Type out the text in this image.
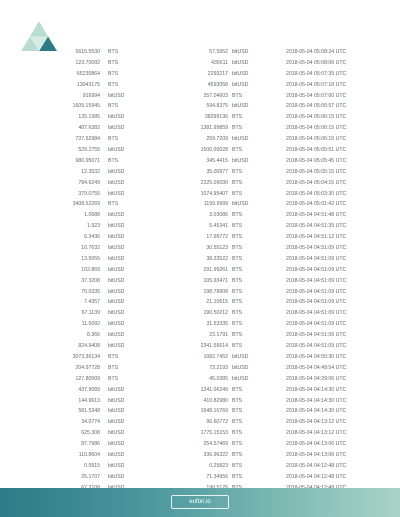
5615.5530 BTS	57.5952 bitUSD	2018-05-04 05:08:24 UTC
123.70092 BTS	435611 bitUSD	2018-05-04 05:08:06 UTC
65230864 BTS	2293217 bitUSD	2018-05-04 05:07:39 UTC
13043175 BTS	4593058 bitUSD	2018-05-04 05:07:18 UTC
916994 bitUSD	257.04603 BTS	2018-05-04 05:07:00 UTC
1609.15945 BTS	594.8375 bitUSD	2018-05-04 05:06:57 UTC
135.1385 bitUSD	38299136 BTS	2018-05-04 05:06:15 UTC
487.6382 bitUSD	1381.99859 BTS	2018-05-04 05:06:15 UTC
737.52984 BTS	259.7209 bitUSD	2018-05-04 05:06:15 UTC
529.2755 bitUSD	1500.00028 BTS	2018-05-04 05:05:51 UTC
980.95071 BTS	345.4415 bitUSD	2018-05-04 05:05:45 UTC
12.3532 bitUSD	35.00977 BTS	2018-05-04 05:05:15 UTC
784.6249 bitUSD	2225.06090 BTS	2018-05-04 05:04:15 UTC
379.0755 bitUSD	1074.95407 BTS	2018-05-04 05:03:30 UTC
3408.52269 BTS	1199.9999 bitUSD	2018-05-04 05:01:42 UTC
1.0688 bitUSD	3.03086 BTS	2018-05-04 04:51:48 UTC
1.923 bitUSD	5.45341 BTS	2018-05-04 04:51:39 UTC
6.3436 bitUSD	17.99772 BTS	2018-05-04 04:51:12 UTC
10.7632 bitUSD	30.55123 BTS	2018-05-04 04:51:09 UTC
13.5055 bitUSD	38.33522 BTS	2018-05-04 04:51:09 UTC
102.869 bitUSD	291.99261 BTS	2018-05-04 04:51:09 UTC
37.3208 bitUSD	105.93471 BTS	2018-05-04 04:51:09 UTC
70.0335 bitUSD	198.78908 BTS	2018-05-04 04:51:09 UTC
7.4357 bitUSD	21.10615 BTS	2018-05-04 04:51:09 UTC
67.1139 bitUSD	190.50212 BTS	2018-05-04 04:51:09 UTC
11.5092 bitUSD	31.53335 BTS	2018-05-04 04:51:09 UTC
8.366 bitUSD	23.1791 BTS	2018-05-04 04:51:09 UTC
824.9408 bitUSD	2341.56614 BTS	2018-05-04 04:51:09 UTC
3073.36134 BTS	1082.7452 bitUSD	2018-05-04 04:50:30 UTC
204.97728 BTS	72.2193 bitUSD	2018-05-04 04:49:54 UTC
127.80509 BTS	45.0385 bitUSD	2018-05-04 04:29:06 UTC
437.9089 bitUSD	1241.06249 BTS	2018-05-04 04:14:30 UTC
144.9613 bitUSD	410.82980 BTS	2018-05-04 04:14:30 UTC
581.5348 bitUSD	1648.10769 BTS	2018-05-04 04:14:30 UTC
34.0774 bitUSD	96.60772 BTS	2018-05-04 04:13:12 UTC
625.308 bitUSD	1775.15153 BTS	2018-05-04 04:13:12 UTC
87.7986 bitUSD	254.57469 BTS	2018-05-04 04:13:06 UTC
110.8604 bitUSD	336.96322 BTS	2018-05-04 04:13:06 UTC
0.0915 bitUSD	0.25823 BTS	2018-05-04 04:12:48 UTC
25.1707 bitUSD	71.34956 BTS	2018-05-04 04:12:48 UTC
eufon.io
